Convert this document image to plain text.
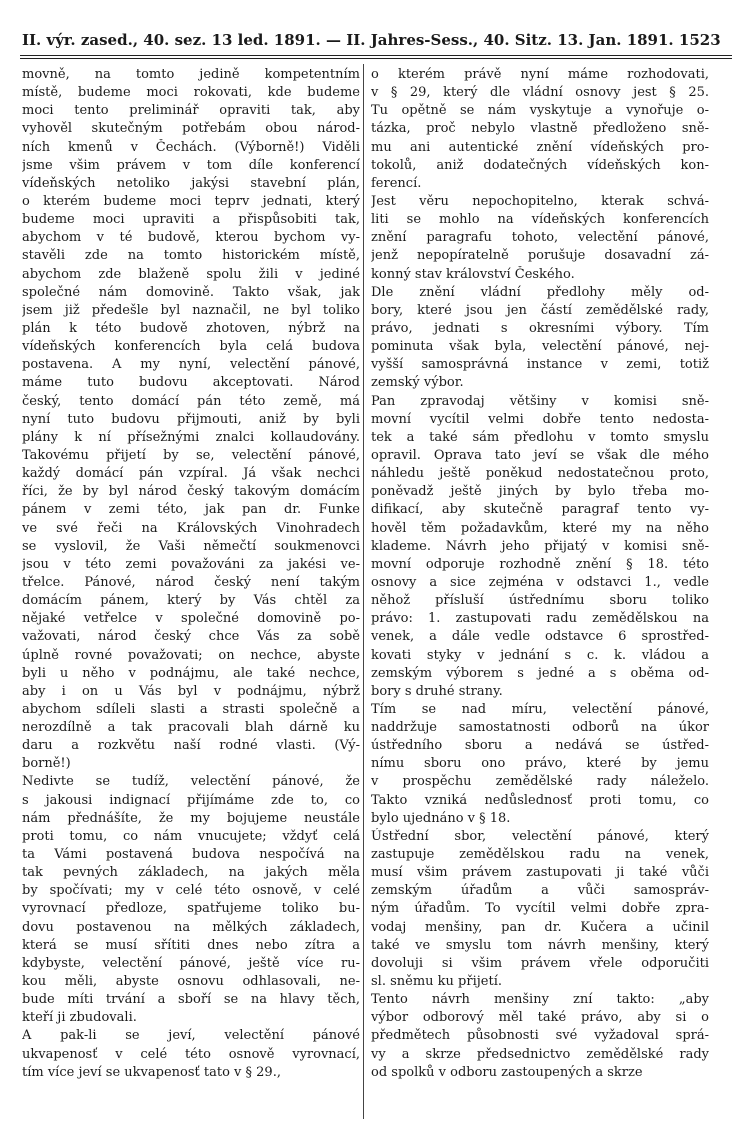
II. výr. zased., 40. sez. 13 led. 1891. — II. Jahres-Sess., 40. Sitz. 13. Jan. 1891. 1523
movně, na tomto jedině kompetentním
místě, budeme moci rokovati, kde budeme
moci tento preliminář opraviti tak, aby
vyhověl skutečným potřebám obou národ-
ních kmenů v Čechách. (Výborně!) Viděli
jsme všim právem v tom díle konferencí
vídeňských netoliko jakýsi stavební plán,
o kterém budeme moci teprv jednati, který
budeme moci upraviti a přispůsobiti tak,
abychom v té budově, kterou bychom vy-
stavěli zde na tomto historickém místě,
abychom zde blaženě spolu žili v jediné
společné nám domovině. Takto však, jak
jsem již předešle byl naznačil, ne byl toliko
plán k této budově zhotoven, nýbrž na
vídeňských konferencích byla celá budova
postavena. A my nyní, velectění pánové,
máme tuto budovu akceptovati. Národ
český, tento domácí pán této země, má
nyní tuto budovu přijmouti, aniž by byli
plány k ní přísežnými znalci kollaudovány.
Takovému přijetí by se, velectění pánové,
každý domácí pán vzpíral. Já však nechci
říci, že by byl národ český takovým domácím
pánem v zemi této, jak pan dr. Funke
ve své řeči na Královských Vinohradech
se vyslovil, že Vaši němečtí soukmenovci
jsou v této zemi považováni za jakési ve-
třelce. Pánové, národ český není takým
domácím pánem, který by Vás chtěl za
nějaké vetřelce v společné domovině po-
važovati, národ český chce Vás za sobě
úplně rovné považovati; on nechce, abyste
byli u něho v podnájmu, ale také nechce,
aby i on u Vás byl v podnájmu, nýbrž
abychom sdíleli slasti a strasti společně a
nerozdílně a tak pracovali blah dárně ku
daru a rozkvětu naší rodné vlasti. (Vý-
borně!)
Nedivte se tudíž, velectění pánové, že
s jakousi indignací přijímáme zde to, co
nám přednášíte, že my bojujeme neustále
proti tomu, co nám vnucujete; vždyť celá
ta Vámi postavená budova nespočívá na
tak pevných základech, na jakých měla
by spočívati; my v celé této osnově, v celé
vyrovnací předloze, spatřujeme toliko bu-
dovu postavenou na mělkých základech,
která se musí sřítiti dnes nebo zítra a
kdybyste, velectění pánové, ještě více ru-
kou měli, abyste osnovu odhlasovali, ne-
bude míti trvání a sboří se na hlavy těch,
kteří ji zbudovali.
A pak-li se jeví, velectění pánové
ukvapenosť v celé této osnově vyrovnací,
tím více jeví se ukvapenosť tato v § 29.,
o kterém právě nyní máme rozhodovati,
v § 29, který dle vládní osnovy jest § 25.
Tu opětně se nám vyskytuje a vynořuje o-
tázka, proč nebylo vlastně předloženo sně-
mu ani autentické znění vídeňských pro-
tokolů, aniž dodatečných vídeňských kon-
ferencí.
Jest věru nepochopitelno, kterak schvá-
liti se mohlo na vídeňských konferencích
znění paragrafu tohoto, velectění pánové,
jenž nepopíratelně porušuje dosavadní zá-
konný stav království Českého.
Dle znění vládní předlohy měly od-
bory, které jsou jen částí zemědělské rady,
právo, jednati s okresními výbory. Tím
pominuta však byla, velectění pánové, nej-
vyšší samosprávná instance v zemi, totiž
zemský výbor.
Pan zpravodaj většiny v komisi sně-
movní vycítil velmi dobře tento nedosta-
tek a také sám předlohu v tomto smyslu
opravil. Oprava tato jeví se však dle mého
náhledu ještě poněkud nedostatečnou proto,
poněvadž ještě jiných by bylo třeba mo-
difikací, aby skutečně paragraf tento vy-
hověl těm požadavkům, které my na něho
klademe. Návrh jeho přijatý v komisi sně-
movní odporuje rozhodně znění § 18. této
osnovy a sice zejména v odstavci 1., vedle
něhož přísluší ústřednímu sboru toliko
právo: 1. zastupovati radu zemědělskou na
venek, a dále vedle odstavce 6 sprostřed-
kovati styky v jednání s c. k. vládou a
zemským výborem s jedné a s oběma od-
bory s druhé strany.
Tím se nad míru, velectění pánové,
naddržuje samostatnosti odborů na úkor
ústředního sboru a nedává se ústřed-
nímu sboru ono právo, které by jemu
v prospěchu zemědělské rady náleželo.
Takto vzniká nedůslednosť proti tomu, co
bylo ujednáno v § 18.
Ústřední sbor, velectění pánové, který
zastupuje zemědělskou radu na venek,
musí všim právem zastupovati ji také vůči
zemským úřadům a vůči samospráv-
ným úřadům. To vycítil velmi dobře zpra-
vodaj menšiny, pan dr. Kučera a učinil
také ve smyslu tom návrh menšiny, který
dovoluji si všim právem vřele odporučiti
sl. sněmu ku přijetí.
Tento návrh menšiny zní takto: „aby
výbor odborový měl také právo, aby si o
předmětech působnosti své vyžadoval sprá-
vy a skrze předsednictvo zemědělské rady
od spolků v odboru zastoupených a skrze
